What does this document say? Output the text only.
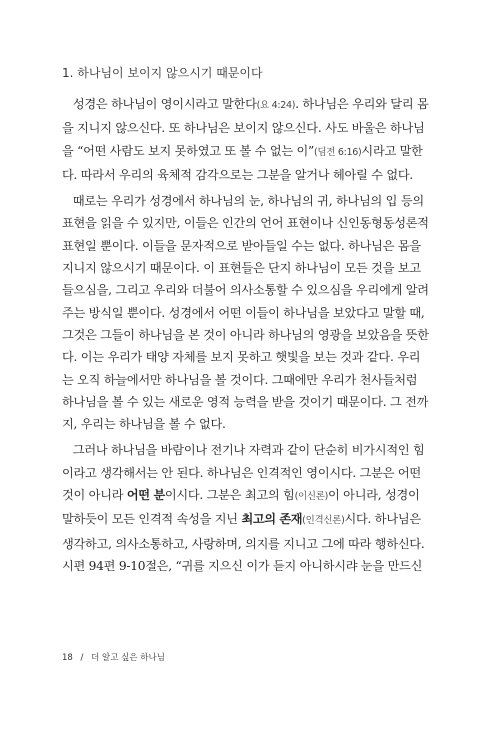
1. 하나님이 보이지 않으시기 때문이다
성경은 하나님이 영이시라고 말한다(요 4:24). 하나님은 우리와 달리 몸
을 지니지 않으신다. 또 하나님은 보이지 않으신다. 사도 바울은 하나님
을 “어떤 사람도 보지 못하였고 또 볼 수 없는 이”(딤전 6:16)시라고 말한
다. 따라서 우리의 육체적 감각으로는 그분을 알거나 헤아릴 수 없다.
때로는 우리가 성경에서 하나님의 눈, 하나님의 귀, 하나님의 입 등의
표현을 읽을 수 있지만, 이들은 인간의 언어 표현이나 신인동형동성론적
표현일 뿐이다. 이들을 문자적으로 받아들일 수는 없다. 하나님은 몸을
지니지 않으시기 때문이다. 이 표현들은 단지 하나님이 모든 것을 보고
들으심을, 그리고 우리와 더불어 의사소통할 수 있으심을 우리에게 알려
주는 방식일 뿐이다. 성경에서 어떤 이들이 하나님을 보았다고 말할 때,
그것은 그들이 하나님을 본 것이 아니라 하나님의 영광을 보았음을 뜻한
다. 이는 우리가 태양 자체를 보지 못하고 햇빛을 보는 것과 같다. 우리
는 오직 하늘에서만 하나님을 볼 것이다. 그때에만 우리가 천사들처럼
하나님을 볼 수 있는 새로운 영적 능력을 받을 것이기 때문이다. 그 전까
지, 우리는 하나님을 볼 수 없다.
그러나 하나님을 바람이나 전기나 자력과 같이 단순히 비가시적인 힘
이라고 생각해서는 안 된다. 하나님은 인격적인 영이시다. 그분은 어떤
것이 아니라 어떤 분이시다. 그분은 최고의 힘(이신론)이 아니라, 성경이
말하듯이 모든 인격적 속성을 지닌 최고의 존재(인격신론)시다. 하나님은
생각하고, 의사소통하고, 사랑하며, 의지를 지니고 그에 따라 행하신다.
시편 94편 9-10절은, “귀를 지으신 이가 듣지 아니하시랴 눈을 만드신
18 / 더 알고 싶은 하나님
